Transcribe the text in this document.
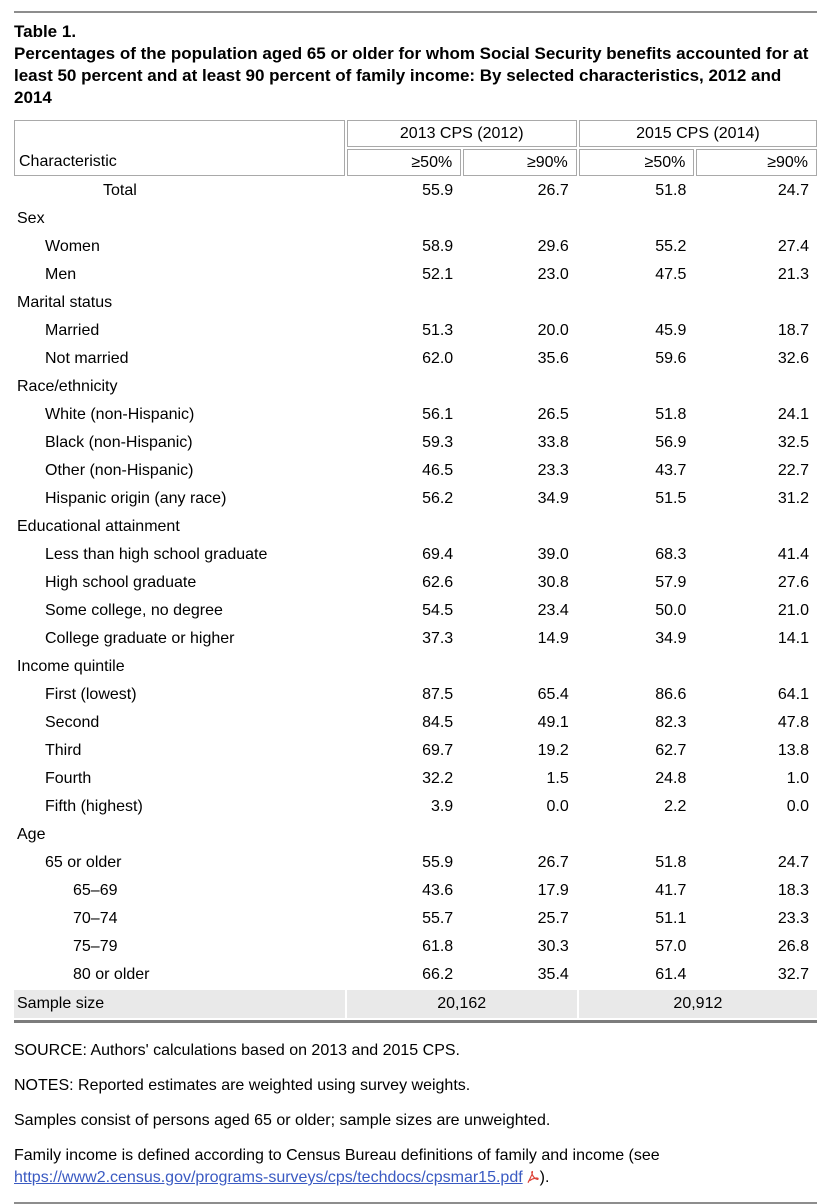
Table 1.
Percentages of the population aged 65 or older for whom Social Security benefits accounted for at least 50 percent and at least 90 percent of family income: By selected characteristics, 2012 and 2014
Characteristic	2013 CPS (2012)		2015 CPS (2014)	
	≥50%	≥90%	≥50%	≥90%
Total	55.9	26.7	51.8	24.7
Sex				
Women	58.9	29.6	55.2	27.4
Men	52.1	23.0	47.5	21.3
Marital status				
Married	51.3	20.0	45.9	18.7
Not married	62.0	35.6	59.6	32.6
Race/ethnicity				
White (non-Hispanic)	56.1	26.5	51.8	24.1
Black (non-Hispanic)	59.3	33.8	56.9	32.5
Other (non-Hispanic)	46.5	23.3	43.7	22.7
Hispanic origin (any race)	56.2	34.9	51.5	31.2
Educational attainment				
Less than high school graduate	69.4	39.0	68.3	41.4
High school graduate	62.6	30.8	57.9	27.6
Some college, no degree	54.5	23.4	50.0	21.0
College graduate or higher	37.3	14.9	34.9	14.1
Income quintile				
First (lowest)	87.5	65.4	86.6	64.1
Second	84.5	49.1	82.3	47.8
Third	69.7	19.2	62.7	13.8
Fourth	32.2	1.5	24.8	1.0
Fifth (highest)	3.9	0.0	2.2	0.0
Age				
65 or older	55.9	26.7	51.8	24.7
65–69	43.6	17.9	41.7	18.3
70–74	55.7	25.7	51.1	23.3
75–79	61.8	30.3	57.0	26.8
80 or older	66.2	35.4	61.4	32.7
Sample size	20,162		20,912	

SOURCE: Authors' calculations based on 2013 and 2015 CPS.

NOTES: Reported estimates are weighted using survey weights.

Samples consist of persons aged 65 or older; sample sizes are unweighted.

Family income is defined according to Census Bureau definitions of family and income (see https://www2.census.gov/programs-surveys/cps/techdocs/cpsmar15.pdf ).
